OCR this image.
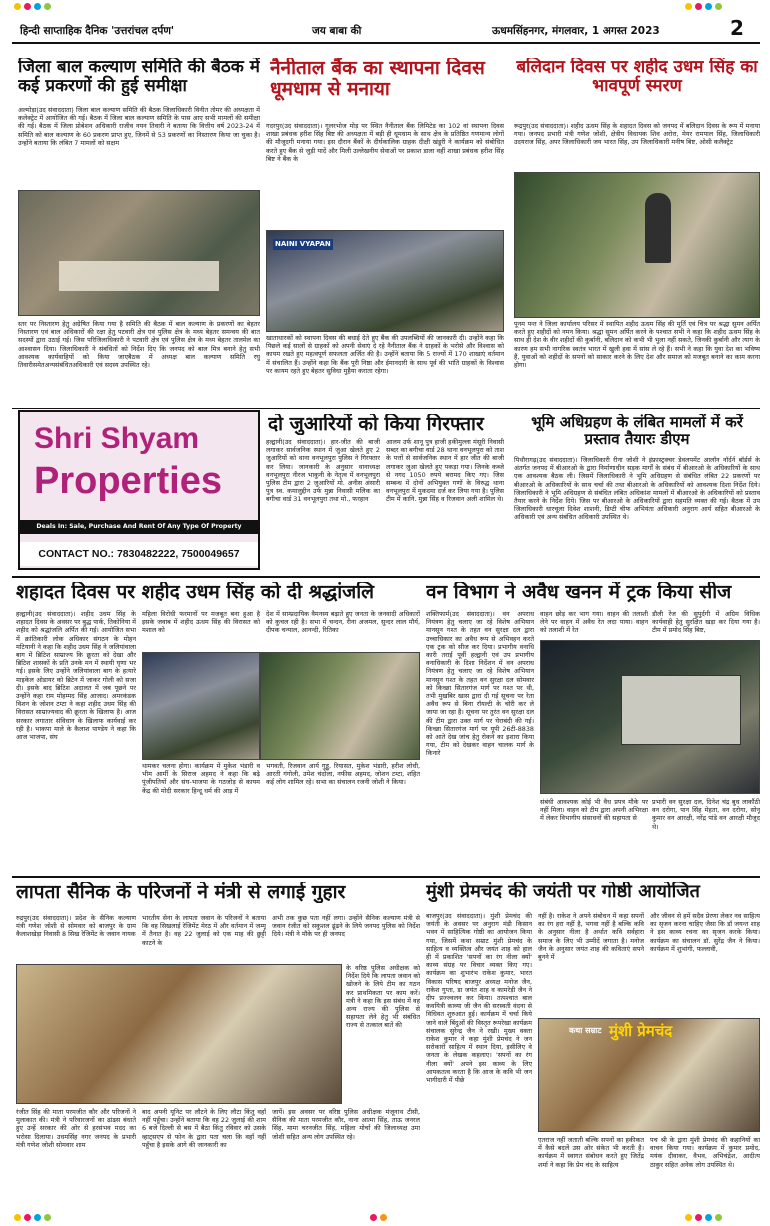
हिन्दी साप्ताहिक दैनिक 'उत्तरांचल दर्पण'	जय बाबा की	ऊधमसिंहनगर, मंगलवार, 1 अगस्त 2023	2
जिला बाल कल्याण समिति की बैठक में कई प्रकरणों की हुई समीक्षा
अल्मोड़ा(उद संवाददाता) जिला बाल कल्याण समिति की बैठक जिलाधिकारी विनीत तोमर की अध्यक्षता में कलेक्ट्रेट में आयोजित की गई। बैठक में जिला बाल कल्याण समिति के पास आए सभी मामलों की समीक्षा की गई। बैठक में जिला प्रोबेशन अधिकारी राजीव नयन तिवारी ने बताया कि वित्तीय वर्ष 2023-24 में समिति को बाल कल्याण के 60 प्रकरण प्राप्त हुए, जिनमें से 53 प्रकरणों का निस्तारण किया जा चुका है। उन्होंने बताया कि लंबित 7 मामलों को सक्षम
स्तर पर निस्तारण हेतु अग्रेषित किया गया है समिति की बैठक में बाल कल्याण के प्रकरणों का बेहतर निस्तारण एवं बाल अधिकारों की रक्षा हेतु पटवारी क्षेत्र एवं पुलिस क्षेत्र के मध्य बेहतर समन्वय की बात सदस्यों द्वारा उठाई गई। जिस परिजिलाधिकारी ने पटवारी क्षेत्र एवं पुलिस क्षेत्र के मध्य बेहतर तालमेल का आश्वासन दिया। जिलाधिकारी ने संबंधितों को निर्देश दिए कि जनपद को बाल मित्र बनाने हेतु सभी आवश्यक कार्यवाहियों को किया जाएबैठक में अध्यक्ष बाल कल्याण समिति रघु तिवारीसमेतअन्यसंबंधितअधिकारी एवं सदस्य उपस्थित रहे।
Shri Shyam
Properties
Deals In: Sale, Purchase And Rent Of Any Type Of Property
CONTACT NO.: 7830482222, 7500049657
नैनीताल बैंक का स्थापना दिवस धूमधाम से मनाया
गदरपुर(उद संवाददाता)। गूलरभोज मोड़ पर स्थित नैनीताल बैंक लिमिटेड का 102 वां स्थापना दिवस शाखा प्रबंधक हरीश सिंह बिष्ट की अध्यक्षता में बड़ी ही धूमधाम के साथ क्षेत्र के प्रतिष्ठित गणमान्य लोगों की मौजूदगी मनाया गया। इस दौरान बैंकों के दीर्घकालिक ग्राहक दीक्षी खंडूरी ने कार्यक्रम को संबोधित करते हुए बैंक से जुड़ी यादें और मिली उल्लेखनीय सेवाओं पर प्रकाश डाला वहीं शाखा प्रबंधक हरीश सिंह बिष्ट ने बैंक के
NAINI VYAPAN
खाताधारकों को स्थापना दिवस की बधाई देते हुए बैंक की उपलब्धियों की जानकारी दी। उन्होंने कहा कि पिछले कई सालों से ग्राहकों को अपनी सेवाएं दे रहे नैनीताल बैंक ने ग्राहकों के भरोसे और विश्वास को कायम रखते हुए महत्वपूर्ण सफलता अर्जित की है। उन्होंने बताया कि 5 राज्यों में 170 शाखाएं वर्तमान में संचालित हैं। उन्होंने कहा कि बैंक पूरी निष्ठा और ईमानदारी के साथ पूर्व की भांति ग्राहकों के विश्वास पर कायम रहते हुए बेहतर सुविधा मुहैया कराता रहेगा।
बलिदान दिवस पर शहीद उधम सिंह का भावपूर्ण स्मरण
रूद्रपुर(उद संवाददाता)। शहीद ऊधम सिंह के शहादत दिवस को जनपद में बलिदान दिवस के रूप में मनाया गया। जनपद प्रभारी मंत्री गणेश जोशी, क्षेत्रीय विधायक शिव अरोरा, मेयर रामपाल सिंह, जिलाधिकारी उदयराज सिंह, अपर जिलाधिकारी जय भारत सिंह, उप जिलाधिकारी मनीष बिष्ट, ओसी कलैक्ट्रेट
पूनम पन्त ने जिला कार्यालय परिसर में स्थापित शहीद ऊधम सिंह की मूर्ति एवं चित्र पर श्रद्धा सुमन अर्पित करते हुए शहीदों को नमन किया। श्रद्धा सुमन अर्पित करने के पश्चात सभी ने कहा कि शहीद ऊधम सिंह के साथ ही देश के वीर शहीदों की कुर्बानी, बलिदान को कभी भी भुला नहीं सकते, जिनकी कुर्बानी और त्याग के कारण हम सभी नागरिक स्वतंत्र भारत में खुली हवा में सांस ले रहे हैं। सभी ने कहा कि युवा देश का भविष्य हैं, युवाओं को शहीदों के सपनों को साकार करने के लिए देश और समाज को मजबूत बनाने का काम करना होगा।
दो जुआरियों को किया गिरफ्तार
हल्द्वानी(उद संवाददाता)। हार-जीत की बाजी लगाकर सार्वजनिक स्थान में जुआ खेलते हुए 2 जुआरियों को थाना वनभूलपुरा पुलिस ने गिरफ्तार कर लिया। जानकारी के अनुसार थानाध्यक्ष वनभूलपुरा नीरज भाकुनी के नेतृत्व में वनभूलपुरा पुलिस टीम द्वारा 2 जुआरियों मो. अनीस अंसारी पुत्र स्व. कमालुद्दीन उर्फ मुन्ना निवासी मलिक का बगीचा वार्ड 31 वनभूलपुरा तथा मो., फरहान
आलम उर्फ शानू पुत्र हाजी हकीमुल्ला मंसूरी निवासी सब्दर का बगीचा वार्ड 28 थाना वनभूलपुरा को ताश के पत्तों से सार्वजनिक स्थान में हार जीत की बाजी लगाकर जुआ खेलते हुए पकड़ा गया। जिनके कब्जे से नगद 1050 रुपये बरामद किए गए। जिस सम्बन्ध में दोनों अभियुक्त गणों के विरुद्ध थाना वनभूलपुरा में मुकदमा दर्ज कर लिया गया है। पुलिस टीम में कानि. मुन्ना सिंह व रिजवान अली शामिल थे।
भूमि अधिग्रहण के लंबित मामलों में करें प्रस्ताव तैयारः डीएम
पिथौरागढ़(उद संवाददाता)। जिलाधिकारी रीना जोशी ने इंफ्रास्ट्रक्चर डेवलपमेंट आलॉन नॉर्दर्न बॉर्डर्स के अंतर्गत जनपद में बीआरओ के द्वारा निर्माणाधीन सड़क मार्गों के संबंध में बीआरओ के अधिकारियों के साथ एक आवश्यक बैठक ली। जिसमें जिलाधिकारी ने भूमि अधिग्रहण से संबंधित लंबित 22 प्रकरणों पर बीआरओ के अधिकारियों के साथ चर्चा की तथा बीआरओ के अधिकारियों को आवश्यक दिशा निर्देश दिये। जिलाधिकारी ने भूमि अधिग्रहण से संबंधित लंबित अधिकांश मामलों में बीआरओ के अधिकारियों को प्रस्ताव तैयार करने के निर्देश दिये। जिस पर बीआरओ के अधिकारियों द्वारा सहमति व्यक्त की गई। बैठक में उप जिलाधिकारी धारचूला दिवेश शाशनी, डिप्टी चीफ अभियंता अधिकारी अनुराग आर्य सहित बीआरओ के अधिकारी एवं अन्य संबंधित अधिकारी उपस्थित थे।
शहादत दिवस पर शहीद उधम सिंह को दी श्रद्धांजलि
हल्द्वानी(उद संवाददाता)। शहीद उधम सिंह के शहादत दिवस के अवसर पर बुद्ध पार्क, तिकोनिया में शहीद को श्रद्धांजलि अर्पित की गई। आयोजित सभा में क्रांतिकारी लोक अधिकार संगठन के मोहन मटियानी ने कहा कि शहीद उधम सिंह ने जलियांवाला बाग में ब्रिटिश साम्राज्य कि क्रूरता को देखा और ब्रिटिश शासकों के प्रति उनके मन में स्थायी घृणा भर गई। इसके लिए उन्होंने जलियांवाला बाग के हत्यारे माइकेल ओडायर को ब्रिटेन में जाकर गोली को सजा दी। इसके बाद ब्रिटिश अदालत में जब पूछने पर उन्होंने कहा राम मोहम्मद सिंह आजाद। अमरकंडक विशन के जोशन टम्टा ने कहा शहीद उधम सिंह की विरासत साम्राज्यवाद की क्रूरता के खिलाफ है। आज सरकार लगातार संविधान के खिलाफ कार्यवाई कर रही है। भाकपा माले के कैलाश पाण्डेय ने कहा कि आज भाजपा, संघ
महिला विरोधी फरमानों पर मजबूत बना हुआ है इसके जवाब में शहीद ऊधम सिंह की विरासत को मशाल को
देश में साम्प्रदायिक वैमनस्य बढ़ाते हुए जनता के जनवादी अधिकारों को कुचल रही है। सभा में चन्दन, रीना अजमल, सुन्दर लाल मौर्य, दीपक चन्याल, आनन्दी, रितिका
थामकर चलना होगा। कार्यक्रम में मुकेश भंडारी व भीम आर्मी के सिराज अहमद ने कहा कि बढ़े पूंजीपतियों और संघ-भाजपा के गठजोड़ से कायम केंद्र की मोदी सरकार हिन्दू धर्म की आड़ में
भगवती, रिजवान आर्य गुड्डू, रियासत, मुकेश भंडारी, हरीश लोधी, आरती गंगोली, उमेश चंदोला, नफीस अहमद, जोशन टम्टा, शहित कई लोग शामिल रहे। सभा का संचालन रजनी जोशी ने किया।
वन विभाग ने अवैध खनन में ट्रक किया सीज
शक्तिफार्म(उद संवाददाता)। वन अपराध नियंत्रण हेतु चलाए जा रहे विशेष अभियान मानसून गश्त के तहत वन सुरक्षा दल द्वारा उच्चाधिकार का अवैध रूप से अभिवहन करते एक ट्रक को सीज कर दिया। प्रभागीय वनाधि कारी तराई पूर्वी हल्द्वानी एवं उप प्रभागीय वनाधिकारी के दिशा निर्देशन में वन अपराध नियंत्रण हेतु चलाए जा रहे विशेष अभियान मानसून गश्त के तहत वन सुरक्षा दल सोमवार को किच्छा सितारगंज मार्ग पर गश्त पर थी, तभी मुखबिर खास द्वारा दी गई सूचना पर रेता अवैध रूप से बिना रॉयल्टी के चोरी कर ले जाया जा रहा है। सूचना पर तुरंत वन सुरक्षा दल की टीम द्वारा उक्त मार्ग पर घेराबंदी की गई। किच्छा सितारगंज मार्ग पर यूपी 26टी-8838 को आते देख जांच हेतु रोकने का इशारा किया गया, टीम को देखकर वाहन चालक मार्ग के किनारे
वाहन छोड़ कर भाग गया। वाहन की तलाशी लेने पर वाहन में अवैध रेत लदा पाया। वाहन को तलाशी में रेत
डौली रेंज की सुपुर्दगी में अग्रिम विधिक कार्यवाही हेतु सुरक्षित खड़ा कर दिया गया है। टीम में प्रमोद सिंह बिष्ट,
संबंधी आवश्यक कोई भी वैध प्रपत्र मौके पर नहीं मिला। वाहन को टीम द्वारा अपनी अभिरक्षा में लेकर विभागीय संसाधनों की सहायता से
प्रभारी वन सुरक्षा दल, दिनेश चंद्र बुध लाकौंठी वन दरोगा, पान सिंह मेहता, वन दरोगा, सोनू कुमार वन आरक्षी, नरेंद्र पांडे वन आरक्षी मौजूद थे।
लापता सैनिक के परिजनों ने मंत्री से लगाई गुहार
रुद्रपुर(उद संवाददाता)। प्रदेश के सैनिक कल्याण मंत्री गणेश जोशी से सोमवार को बाजपुर के ग्राम कैलाशखेड़ा निवासी 8 सिख रेजिमेंट के जवान नायक
भारतीय सेना के लापता जवान के परिजनों ने बताया कि वह सिखलाई रेजिमेंट मेरठ में और वर्तमान में जम्मू में तैनात है। वह 22 जुलाई को एक माह की छुट्टी काटने के
अभी तक कुछ पता नहीं लगा। उन्होंने सैनिक कल्याण मंत्री से जवान रंजीत को सकुशल ढूंढने के लिये जनपद पुलिस को निर्देश दिये। मंत्री ने मौके पर ही जनपद
के वरिष्ठ पुलिस अधीक्षक को निर्देश दिये कि लापता जवान को खोजने के लिये टीम का गठन कर प्राथमिकता पर काम करें। मंत्री ने कहा कि इस संबंध में वह अन्य राज्य की पुलिस से सहायता लेने हेतु भी संबंधित राज्य से तत्काल बातें की
रंजीत सिंह की माता परमजीत कौर और परिजनों ने मुलाकात की। मंत्री ने परिवारजनों का ढांढस बंधाते हुए उन्हें सरकार की ओर से हरसंभव मदद का भरोसा दिलाया। उधमसिंह नगर जनपद के प्रभारी मंत्री गणेश जोशी सोमवार शाम
बाद अपनी यूनिट पर लौटने के लिए लौटा किंतु वहाँ नहीं पहुँचा। उन्होंने बताया कि वह 22 जुलाई की शाम 6 बजे दिल्ली से बस में बैठा किंतु रविवार को उसके व्हाट्सएप से फोन के द्वारा पता चला कि वहाँ नहीं पहुँचा है इसके आगे की जानकारी का
जायें। इस अवसर पर वरिष्ठ पुलिस अधीक्षक मंजूनाथ टीसी, सैनिक की माता परमजीत कौर, नाना आत्मा सिंह, ताऊ जनरल सिंह, मामा चरनजीत सिंह, महिला मोर्चा की जिलाध्यक्ष उमा जोशी सहित अन्य लोग उपस्थित रहे।
मुंशी प्रेमचंद की जयंती पर गोष्ठी आयोजित
बाजपुर(उद संवाददाता)। मुंशी प्रेमचंद की जयंती के अवसर पर अनुराग मंडी किसान भवन में साहित्यिक गोष्ठी का आयोजन किया गया, जिसमें कथा सम्राट मुंशी प्रेमचंद के साहित्य व व्यक्तित्व और जयंत शाह को हाल ही में प्रकाशित 'सपनों का रंग नीला क्यों' काव्य संग्रह पर विचार व्यक्त किए गए। कार्यक्रम का शुभारंभ राकेश कुमार, भारत विकास परिषद बाजपुर अध्यक्ष मनोज जैन, राकेश गुप्ता, डा जयंत शाह व कामरेड़ी जैन ने दीप प्रज्ज्वलन कर किया। तत्पश्चात बाल कवयित्री काव्या जी जैन की सरस्वती वंदना से विधिवत शुरुआत हुई। कार्यक्रम में चर्चा किये जाने वाले बिंदुओं की विस्तृत रूपरेखा कार्यक्रम संचालक सुरेन्द्र जैन ने रखी। मुख्य वक्ता राकेश कुमार ने कहा मुंशी प्रेमचंद ने जन सरोकारों साहित्य में स्थान दिया, इसीलिए वे जनता के लेखक कहलाए। 'सपनों का रंग नीला क्यों' अपने इस काव्य के लिए आयकतत्व करता है कि आज के कवि भी जन भागीदारी में पीछे
नहीं है। राकेश ने अपने संबोधन में कहा सपनों का रंग हरा नहीं है, भगवा नहीं है बल्कि कवि के अनुसार नीला है अर्थात कवि सर्वहारा समाज के लिए भी उम्मीदें जगाता है। मनोज जैन के अनुसार जयंत शाह की कविताएं सपने बुनने में
और जीवन से हमें सदैव प्रेरणा लेकर नव साहित्य का सृजन करना चाहिए जैसा कि डॉ जयन्त शाह ने इस काव्य रचना का सृजन करके किया। कार्यक्रम का संचालन डॉ. सुरेंद्र जैन ने किया। कार्यक्रम में शुभांगी, फल्लावी,
कथा सम्राट मुंशी प्रेमचंद
एतराज नहीं जताती बल्कि सपनों का हकीकत में कैसे बदलें उस ओर संकेत भी करती है। कार्यक्रम में स्वागत संबोधन करते हुए जितेंद्र शर्मा ने कहा कि प्रेम चंद के साहित्य
पच श्री के द्वारा मुंशी प्रेमचंद की कहानियों का वाचन किया गया। कार्यक्रम में कुमार प्रमोद, मयंक दीवाकर, वैभव, अभिचंद्रेश, आदीत्य ठाकुर सहित अनेक लोग उपस्थित थे।
